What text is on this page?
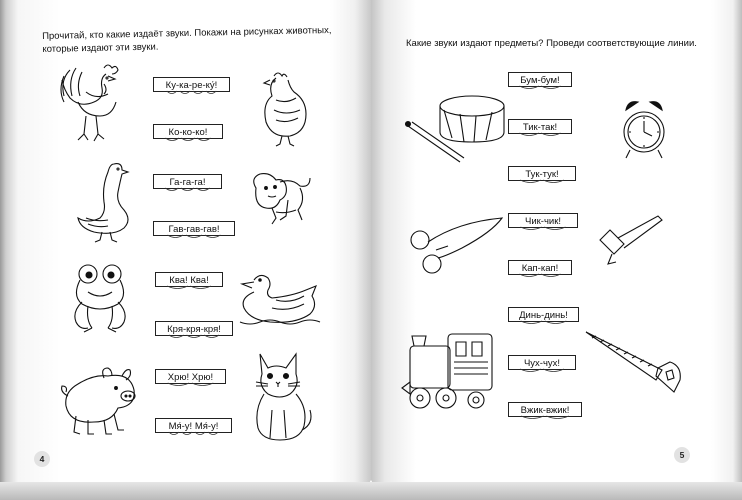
Прочитай, кто какие издаёт звуки. Покажи на рисунках животных, которые издают эти звуки.
Ку-ка-ре-ку́!
Ко-ко-ко!
Га-га-га!
Гав-гав-гав!
Ква! Ква!
Кря-кря-кря!
Хрю! Хрю!
Мя́-у! Мя́-у!
4
Какие звуки издают предметы? Проведи соответствующие линии.
Бум-бум!
Тик-так!
Тук-тук!
Чик-чик!
Кап-кап!
Динь-динь!
Чух-чух!
Вжик-вжик!
5
